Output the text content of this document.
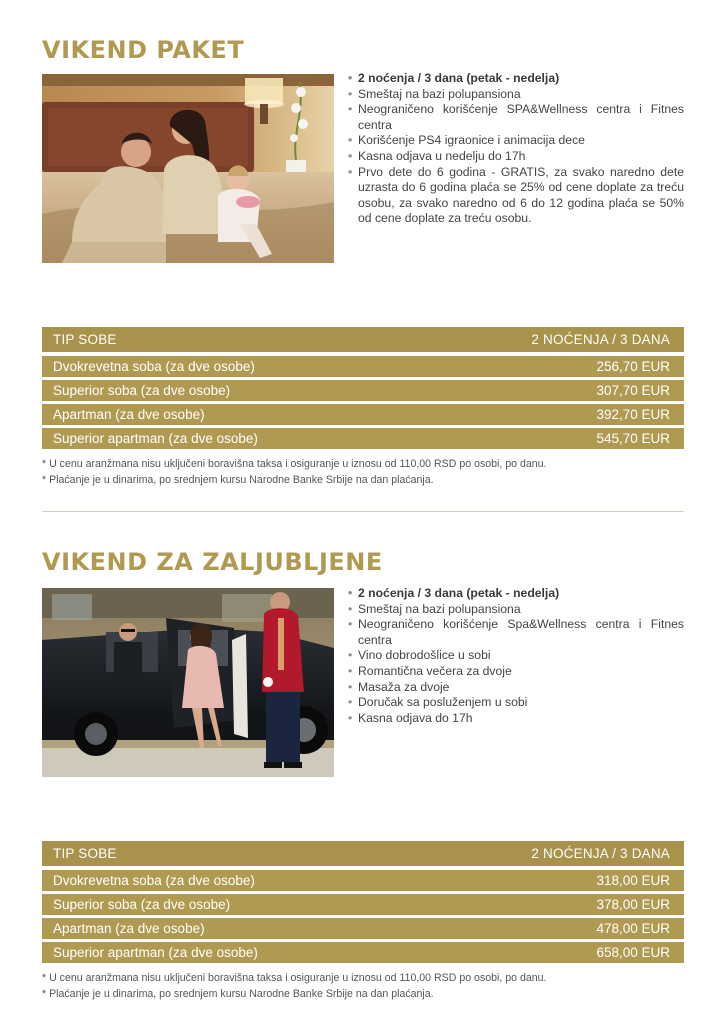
VIKEND PAKET
• 2 noćenja / 3 dana (petak - nedelja)
• Smeštaj na bazi polupansiona
• Neograničeno korišćenje SPA&Wellness centra i Fitnes centra
• Korišćenje PS4 igraonice i animacija dece
• Kasna odjava u nedelju do 17h
• Prvo dete do 6 godina - GRATIS, za svako naredno dete uzrasta do 6 godina plaća se 25% od cene doplate za treću osobu, za svako naredno od 6 do 12 godina plaća se 50% od cene doplate za treću osobu.
TIP SOBE	2 NOĆENJA / 3 DANA
Dvokrevetna soba (za dve osobe)	256,70 EUR
Superior soba (za dve osobe)	307,70 EUR
Apartman (za dve osobe)	392,70 EUR
Superior apartman (za dve osobe)	545,70 EUR

* U cenu aranžmana nisu uključeni boravišna taksa i osiguranje u iznosu od 110,00 RSD po osobi, po danu.

* Plaćanje je u dinarima, po srednjem kursu Narodne Banke Srbije na dan plaćanja.

VIKEND ZA ZALJUBLJENE
• 2 noćenja / 3 dana (petak - nedelja)
• Smeštaj na bazi polupansiona
• Neograničeno korišćenje Spa&Wellness centra i Fitnes centra
• Vino dobrodošlice u sobi
• Romantična večera za dvoje
• Masaža za dvoje
• Doručak sa posluženjem u sobi
• Kasna odjava do 17h
TIP SOBE	2 NOĆENJA / 3 DANA
Dvokrevetna soba (za dve osobe)	318,00 EUR
Superior soba (za dve osobe)	378,00 EUR
Apartman (za dve osobe)	478,00 EUR
Superior apartman (za dve osobe)	658,00 EUR

* U cenu aranžmana nisu uključeni boravišna taksa i osiguranje u iznosu od 110,00 RSD po osobi, po danu.

* Plaćanje je u dinarima, po srednjem kursu Narodne Banke Srbije na dan plaćanja.
